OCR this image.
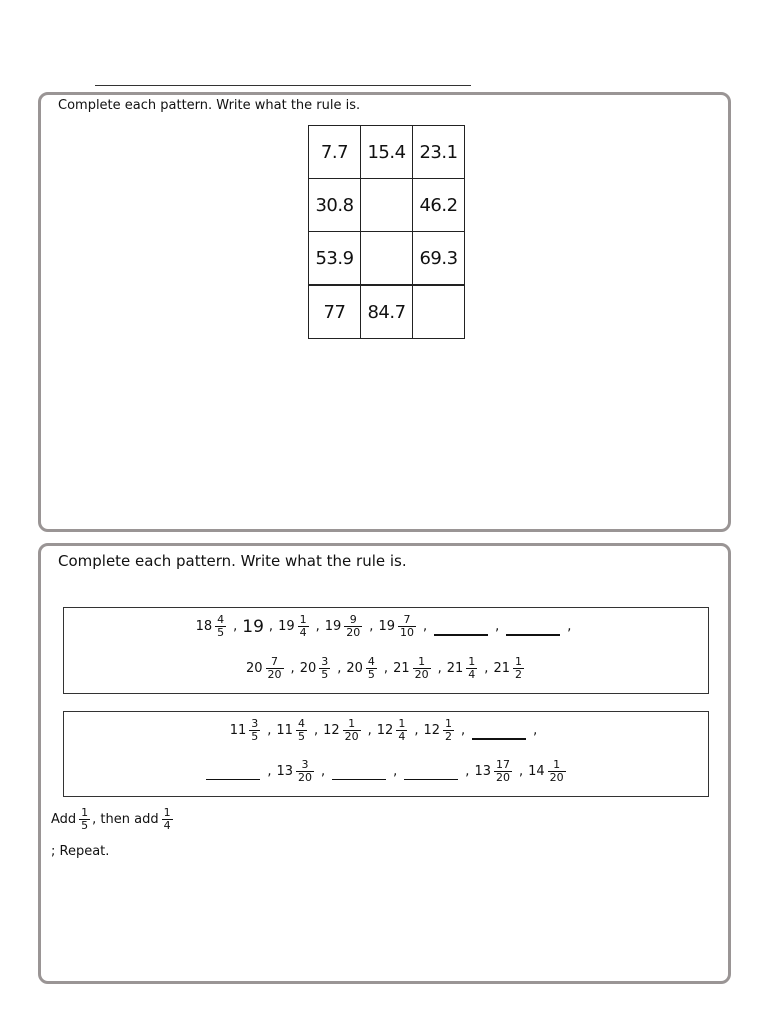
Complete each pattern. Write what the rule is.
7.7	15.4	23.1
30.8		46.2
53.9		69.3
77	84.7	
Complete each pattern. Write what the rule is.
$18 \frac{4}{5}$ , 19 , $19 \frac{1}{4}$ , $19 \frac{9}{20}$ , $19 \frac{7}{10}$ ,	,	,
$20 \frac{7}{20}$ , $20 \frac{3}{5}$ , $20 \frac{4}{5}$ , $21 \frac{1}{20}$ , $21 \frac{1}{4}$ , $21 \frac{1}{2}$
$11 \frac{3}{5}$ , $11 \frac{4}{5}$ , $12 \frac{1}{20}$ , $12 \frac{1}{4}$ , $12 \frac{1}{2}$ ,	,
, $13 \frac{3}{20}$ ,	,	, $13 \frac{17}{20}$ , $14 \frac{1}{20}$
Add $\frac{1}{5}$ , then add $\frac{1}{4}$
; Repeat.
